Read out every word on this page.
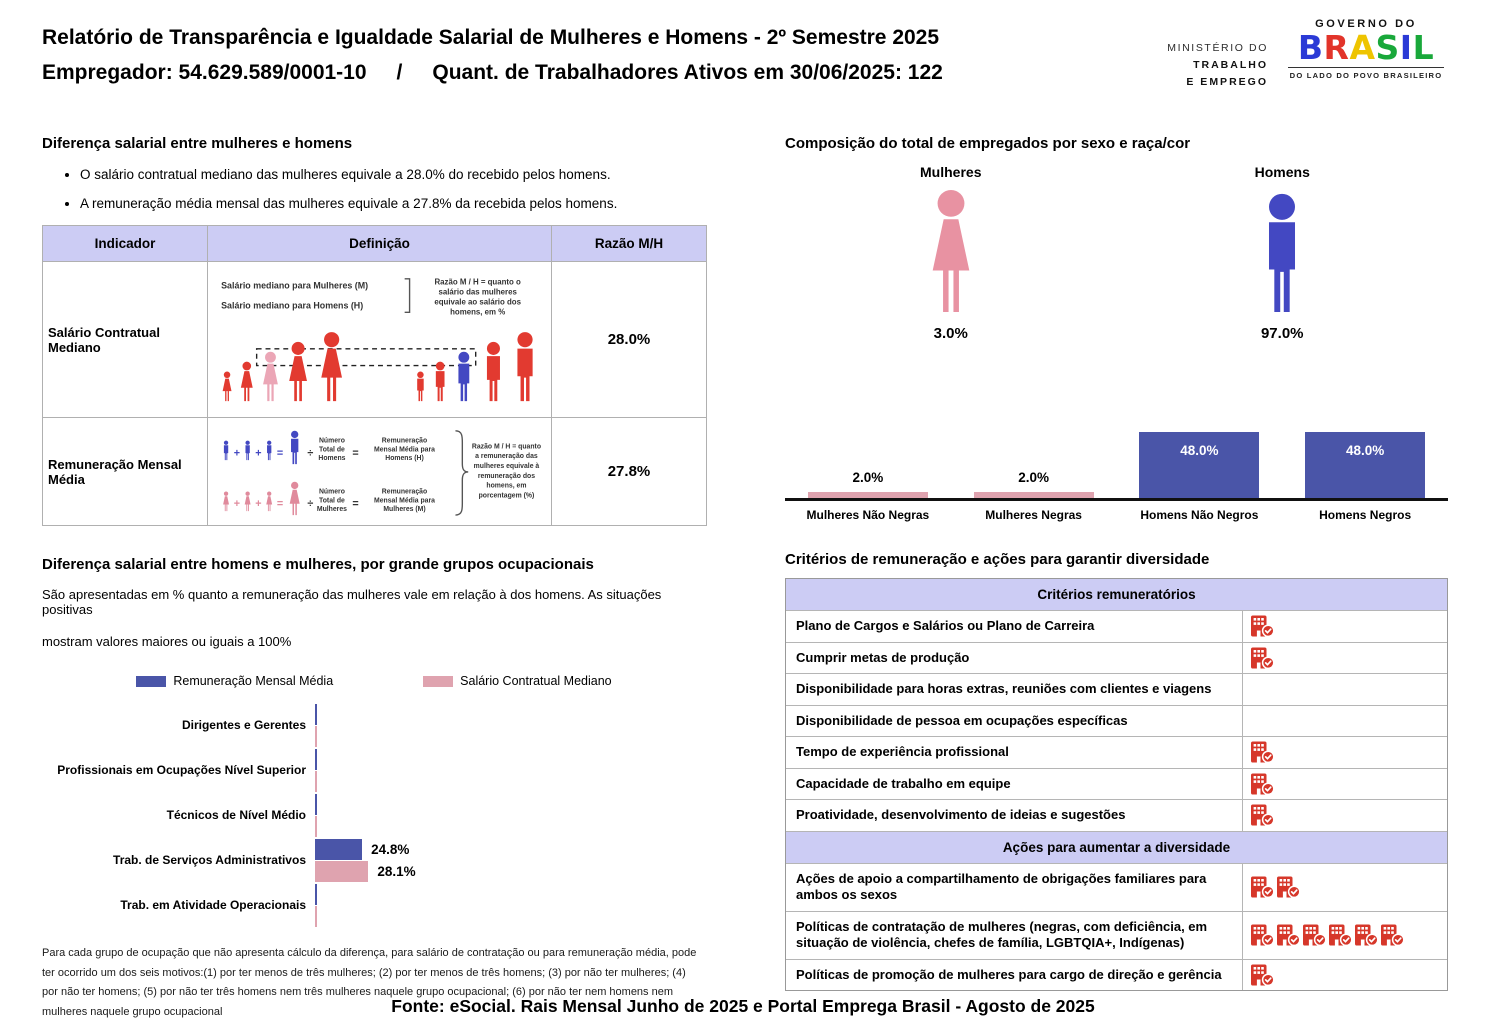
Relatório de Transparência e Igualdade Salarial de Mulheres e Homens - 2º Semestre 2025
Empregador: 54.629.589/0001-10 / Quant. de Trabalhadores Ativos em 30/06/2025: 122
MINISTÉRIO DO
TRABALHO
E EMPREGO
GOVERNO DO
BRASIL
DO LADO DO POVO BRASILEIRO
Diferença salarial entre mulheres e homens
• O salário contratual mediano das mulheres equivale a 28.0% do recebido pelos homens.
• A remuneração média mensal das mulheres equivale a 27.8% da recebida pelos homens.
Indicador	Definição	Razão M/H
Salário Contratual Mediano	
Salário mediano para Mulheres (M)
Salário mediano para Homens (H)
Razão M / H = quanto o
salário das mulheres
equivale ao salário dos
homens, em %
	28.0%
Remuneração Mensal Média	
+ + = ÷
Número
Total de
Homens =
Remuneração
Mensal Média para
Homens (H)
+ + = ÷
Número
Total de
Mulheres =
Remuneração
Mensal Média para
Mulheres (M)
Razão M / H = quanto
a remuneração das
mulheres equivale à
remuneração dos
homens, em
porcentagem (%)
	27.8%
Diferença salarial entre homens e mulheres, por grande grupos ocupacionais
São apresentadas em % quanto a remuneração das mulheres vale em relação à dos homens. As situações positivas
mostram valores maiores ou iguais a 100%
Remuneração Mensal Média	Salário Contratual Mediano
Dirigentes e Gerentes
Profissionais em Ocupações Nível Superior
Técnicos de Nível Médio
Trab. de Serviços Administrativos
24.8%
28.1%
Trab. em Atividade Operacionais
Para cada grupo de ocupação que não apresenta cálculo da diferença, para salário de contratação ou para remuneração média, pode ter ocorrido um dos seis motivos:(1) por ter menos de três mulheres; (2) por ter menos de três homens; (3) por não ter mulheres; (4) por não ter homens; (5) por não ter três homens nem três mulheres naquele grupo ocupacional; (6) por não ter nem homens nem mulheres naquele grupo ocupacional
Composição do total de empregados por sexo e raça/cor
Mulheres
3.0%
Homens
97.0%
2.0%	2.0%
48.0%	48.0%
Mulheres Não Negras	Mulheres Negras	Homens Não Negros	Homens Negros
Critérios de remuneração e ações para garantir diversidade
Critérios remuneratórios
Plano de Cargos e Salários ou Plano de Carreira
Cumprir metas de produção
Disponibilidade para horas extras, reuniões com clientes e viagens
Disponibilidade de pessoa em ocupações específicas
Tempo de experiência profissional
Capacidade de trabalho em equipe
Proatividade, desenvolvimento de ideias e sugestões
Ações para aumentar a diversidade
Ações de apoio a compartilhamento de obrigações familiares para ambos os sexos
Políticas de contratação de mulheres (negras, com deficiência, em situação de violência, chefes de família, LGBTQIA+, Indígenas)
Políticas de promoção de mulheres para cargo de direção e gerência
Fonte: eSocial. Rais Mensal Junho de 2025 e Portal Emprega Brasil - Agosto de 2025
